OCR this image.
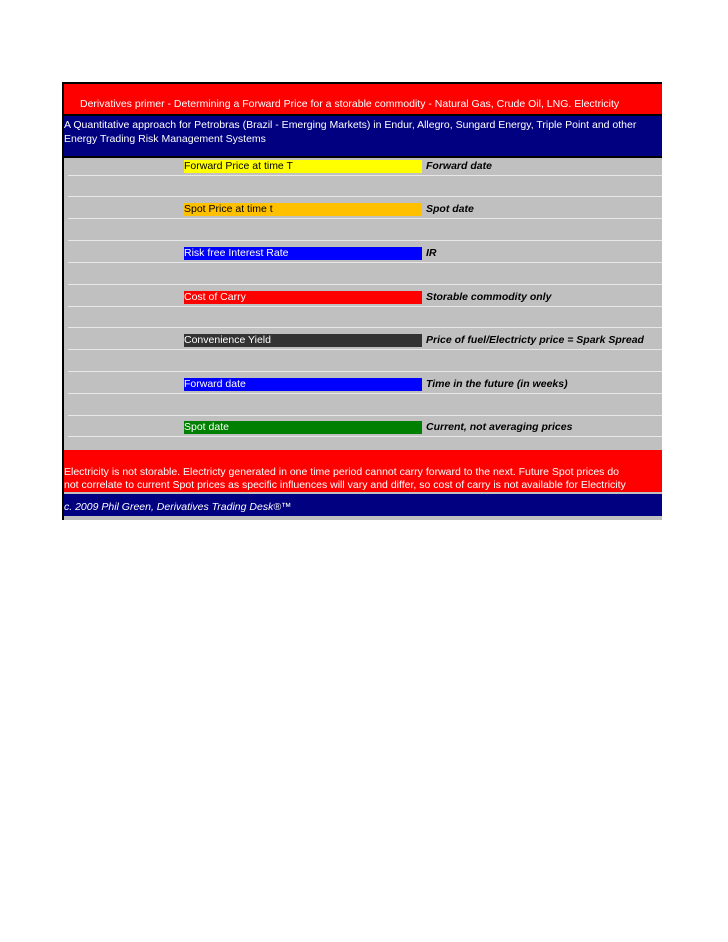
Derivatives primer - Determining a Forward Price for a storable commodity - Natural Gas, Crude Oil, LNG. Electricity
A Quantitative approach for Petrobras (Brazil - Emerging Markets) in Endur, Allegro, Sungard Energy, Triple Point and other
Energy Trading Risk Management Systems
Forward Price at time T	Forward date
Spot Price at time t	Spot date
Risk free Interest Rate	IR
Cost of Carry	Storable commodity only
Convenience Yield	Price of fuel/Electricty price = Spark Spread
Forward date	Time in the future (in weeks)
Spot date	Current, not averaging prices
Electricity is not storable. Electricty generated in one time period cannot carry forward to the next. Future Spot prices do
not correlate to current Spot prices as specific influences will vary and differ, so cost of carry is not available for Electricity
c. 2009 Phil Green, Derivatives Trading Desk®™
